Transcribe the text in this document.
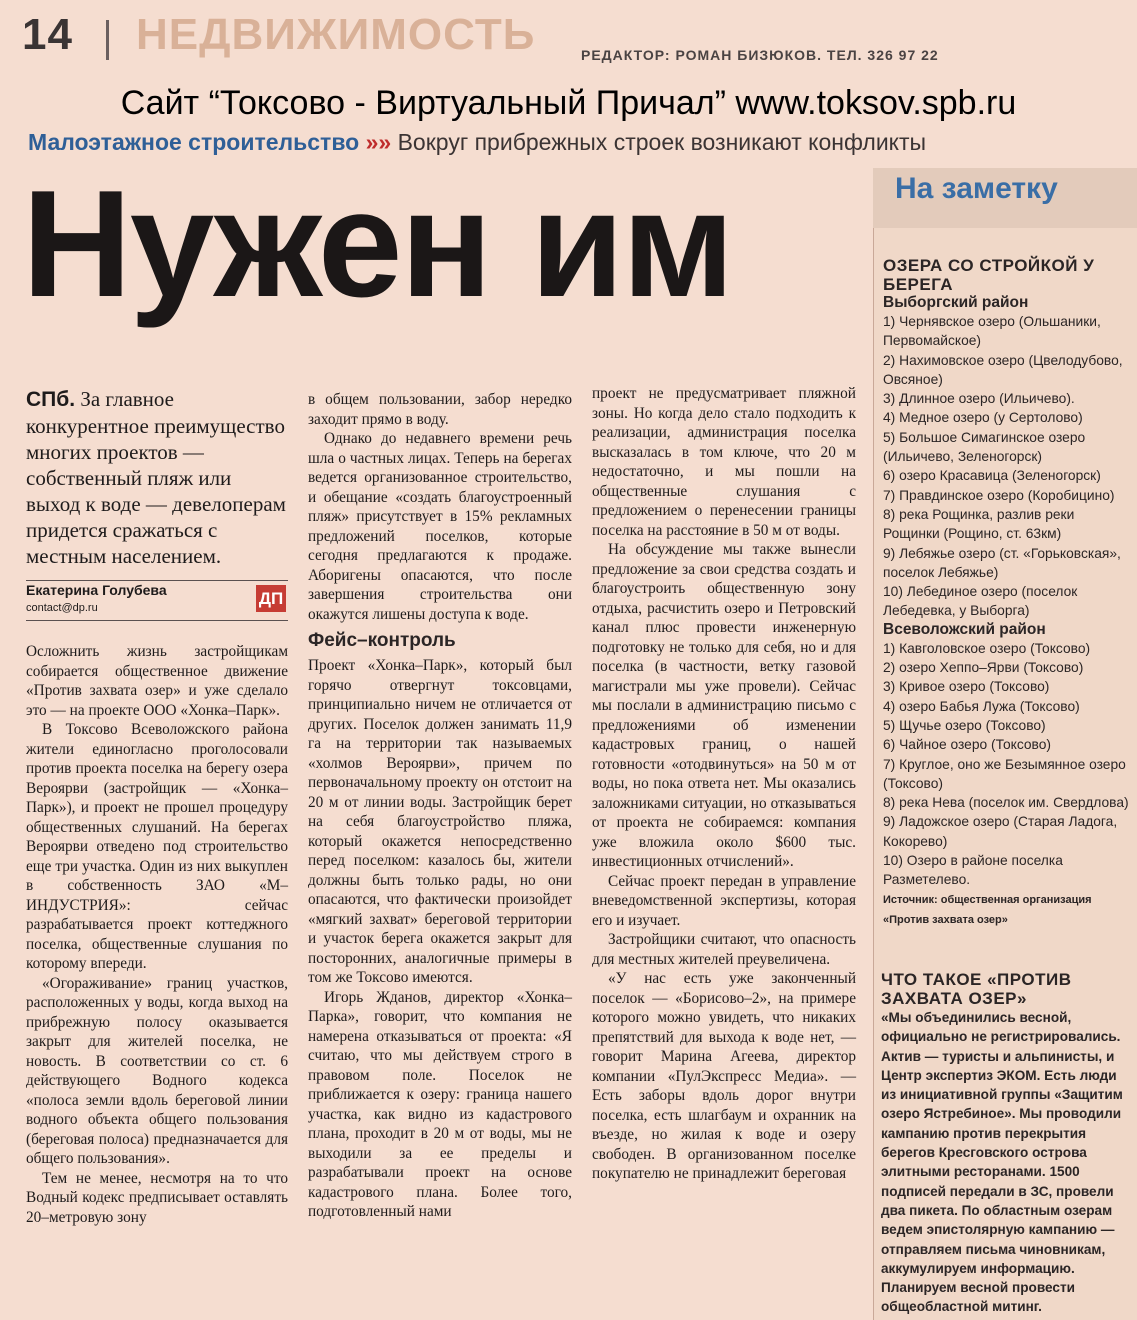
14 НЕДВИЖИМОСТЬ	РЕДАКТОР: РОМАН БИЗЮКОВ. ТЕЛ. 326 97 22
Сайт “Токсово - Виртуальный Причал” www.toksov.spb.ru
Малоэтажное строительство »» Вокруг прибрежных строек возникают конфликты
Нужен им
СПб. За главное конкурентное преимущество многих проектов — собственный пляж или выход к воде — девелоперам придется сражаться с местным населением.
Екатерина Голубева
contact@dp.ru	ДП

Осложнить жизнь застройщикам собирается общественное движение «Против захвата озер» и уже сделало это — на проекте ООО «Хонка–Парк».

В Токсово Всеволожского района жители единогласно проголосовали против проекта поселка на берегу озера Вероярви (застройщик — «Хонка–Парк»), и проект не прошел процедуру общественных слушаний. На берегах Вероярви отведено под строительство еще три участка. Один из них выкуплен в собственность ЗАО «М–ИНДУСТРИЯ»: сейчас разрабатывается проект коттеджного поселка, общественные слушания по которому впереди.

«Огораживание» границ участков, расположенных у воды, когда выход на прибрежную полосу оказывается закрыт для жителей поселка, не новость. В соответствии со ст. 6 действующего Водного кодекса «полоса земли вдоль береговой линии водного объекта общего пользования (береговая полоса) предназначается для общего пользования».

Тем не менее, несмотря на то что Водный кодекс предписывает оставлять 20–метровую зону

в общем пользовании, забор нередко заходит прямо в воду.

Однако до недавнего времени речь шла о частных лицах. Теперь на берегах ведется организованное строительство, и обещание «создать благоустроенный пляж» присутствует в 15% рекламных предложений поселков, которые сегодня предлагаются к продаже. Аборигены опасаются, что после завершения строительства они окажутся лишены доступа к воде.

Фейс–контроль

Проект «Хонка–Парк», который был горячо отвергнут токсовцами, принципиально ничем не отличается от других. Поселок должен занимать 11,9 га на территории так называемых «холмов Вероярви», причем по первоначальному проекту он отстоит на 20 м от линии воды. Застройщик берет на себя благоустройство пляжа, который окажется непосредственно перед поселком: казалось бы, жители должны быть только рады, но они опасаются, что фактически произойдет «мягкий захват» береговой территории и участок берега окажется закрыт для посторонних, аналогичные примеры в том же Токсово имеются.

Игорь Жданов, директор «Хонка–Парка», говорит, что компания не намерена отказываться от проекта: «Я считаю, что мы действуем строго в правовом поле. Поселок не приближается к озеру: граница нашего участка, как видно из кадастрового плана, проходит в 20 м от воды, мы не выходили за ее пределы и разрабатывали проект на основе кадастрового плана. Более того, подготовленный нами

проект не предусматривает пляжной зоны. Но когда дело стало подходить к реализации, администрация поселка высказалась в том ключе, что 20 м недостаточно, и мы пошли на общественные слушания с предложением о перенесении границы поселка на расстояние в 50 м от воды.

На обсуждение мы также вынесли предложение за свои средства создать и благоустроить общественную зону отдыха, расчистить озеро и Петровский канал плюс провести инженерную подготовку не только для себя, но и для поселка (в частности, ветку газовой магистрали мы уже провели). Сейчас мы послали в администрацию письмо с предложениями об изменении кадастровых границ, о нашей готовности «отодвинуться» на 50 м от воды, но пока ответа нет. Мы оказались заложниками ситуации, но отказываться от проекта не собираемся: компания уже вложила около $600 тыс. инвестиционных отчислений».

Сейчас проект передан в управление вневедомственной экспертизы, которая его и изучает.

Застройщики считают, что опасность для местных жителей преувеличена.

«У нас есть уже законченный поселок — «Борисово–2», на примере которого можно увидеть, что никаких препятствий для выхода к воде нет, — говорит Марина Агеева, директор компании «ПулЭкспресс Медиа». — Есть заборы вдоль дорог внутри поселка, есть шлагбаум и охранник на въезде, но жилая к воде и озеру свободен. В организованном поселке покупателю не принадлежит береговая

На заметку
ОЗЕРА СО СТРОЙКОЙ У БЕРЕГА
Выборгский район
1) Чернявское озеро (Ольшаники, Первомайское)
2) Нахимовское озеро (Цвелодубово, Овсяное)
3) Длинное озеро (Ильичево).
4) Медное озеро (у Сертолово)
5) Большое Симагинское озеро (Ильичево, Зеленогорск)
6) озеро Красавица (Зеленогорск)
7) Правдинское озеро (Коробицино)
8) река Рощинка, разлив реки Рощинки (Рощино, ст. 63км)
9) Лебяжье озеро (ст. «Горьковская», поселок Лебяжье)
10) Лебединое озеро (поселок Лебедевка, у Выборга)
Всеволожский район
1) Кавголовское озеро (Токсово)
2) озеро Хеппо–Ярви (Токсово)
3) Кривое озеро (Токсово)
4) озеро Бабья Лужа (Токсово)
5) Щучье озеро (Токсово)
6) Чайное озеро (Токсово)
7) Круглое, оно же Безымянное озеро (Токсово)
8) река Нева (поселок им. Свердлова)
9) Ладожское озеро (Старая Ладога, Кокорево)
10) Озеро в районе поселка Разметелево.
Источник: общественная организация «Против захвата озер»
ЧТО ТАКОЕ «ПРОТИВ ЗАХВАТА ОЗЕР»

«Мы объединились весной, официально не регистрировались. Актив — туристы и альпинисты, и Центр экспертиз ЭКОМ. Есть люди из инициативной группы «Защитим озеро Ястребиное». Мы проводили кампанию против перекрытия берегов Кресговского острова элитными ресторанами. 1500 подписей передали в ЗС, провели два пикета. По областным озерам ведем эпистолярную кампанию — отправляем письма чиновникам, аккумулируем информацию. Планируем весной провести общеобластной митинг.
